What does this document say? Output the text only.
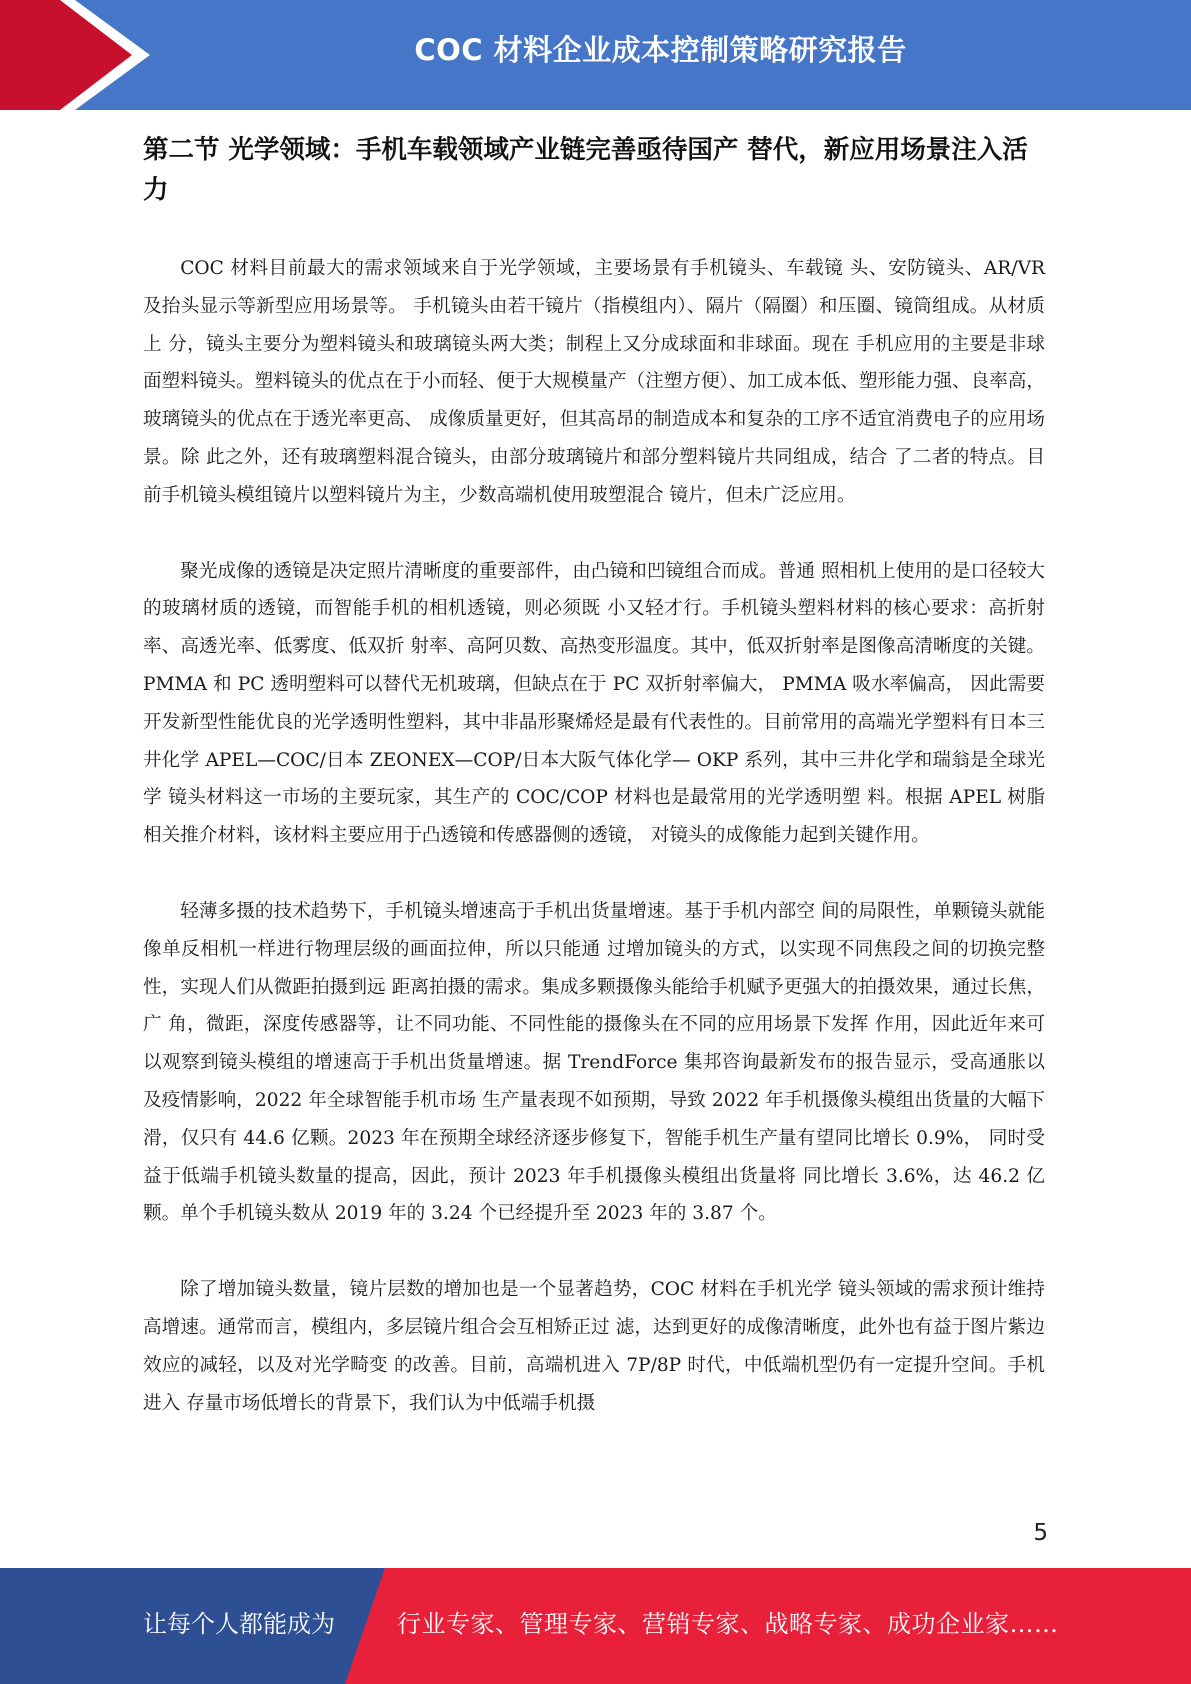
COC 材料企业成本控制策略研究报告
第二节 光学领域：手机车载领域产业链完善亟待国产 替代，新应用场景注入活力

COC 材料目前最大的需求领域来自于光学领域，主要场景有手机镜头、车载镜 头、安防镜头、AR/VR 及抬头显示等新型应用场景等。 手机镜头由若干镜片（指模组内）、隔片（隔圈）和压圈、镜筒组成。从材质上 分，镜头主要分为塑料镜头和玻璃镜头两大类；制程上又分成球面和非球面。现在 手机应用的主要是非球面塑料镜头。塑料镜头的优点在于小而轻、便于大规模量产（注塑方便）、加工成本低、塑形能力强、良率高，玻璃镜头的优点在于透光率更高、 成像质量更好，但其高昂的制造成本和复杂的工序不适宜消费电子的应用场景。除 此之外，还有玻璃塑料混合镜头，由部分玻璃镜片和部分塑料镜片共同组成，结合 了二者的特点。目前手机镜头模组镜片以塑料镜片为主，少数高端机使用玻塑混合 镜片，但未广泛应用。

聚光成像的透镜是决定照片清晰度的重要部件，由凸镜和凹镜组合而成。普通 照相机上使用的是口径较大的玻璃材质的透镜，而智能手机的相机透镜，则必须既 小又轻才行。手机镜头塑料材料的核心要求：高折射率、高透光率、低雾度、低双折 射率、高阿贝数、高热变形温度。其中，低双折射率是图像高清晰度的关键。 PMMA 和 PC 透明塑料可以替代无机玻璃，但缺点在于 PC 双折射率偏大， PMMA 吸水率偏高， 因此需要开发新型性能优良的光学透明性塑料，其中非晶形聚烯烃是最有代表性的。目前常用的高端光学塑料有日本三井化学 APEL—COC/日本 ZEONEX—COP/日本大阪气体化学— OKP 系列，其中三井化学和瑞翁是全球光学 镜头材料这一市场的主要玩家，其生产的 COC/COP 材料也是最常用的光学透明塑 料。根据 APEL 树脂相关推介材料，该材料主要应用于凸透镜和传感器侧的透镜， 对镜头的成像能力起到关键作用。

轻薄多摄的技术趋势下，手机镜头增速高于手机出货量增速。基于手机内部空 间的局限性，单颗镜头就能像单反相机一样进行物理层级的画面拉伸，所以只能通 过增加镜头的方式，以实现不同焦段之间的切换完整性，实现人们从微距拍摄到远 距离拍摄的需求。集成多颗摄像头能给手机赋予更强大的拍摄效果，通过长焦，广 角，微距，深度传感器等，让不同功能、不同性能的摄像头在不同的应用场景下发挥 作用，因此近年来可以观察到镜头模组的增速高于手机出货量增速。据 TrendForce 集邦咨询最新发布的报告显示，受高通胀以及疫情影响，2022 年全球智能手机市场 生产量表现不如预期，导致 2022 年手机摄像头模组出货量的大幅下滑，仅只有 44.6 亿颗。2023 年在预期全球经济逐步修复下，智能手机生产量有望同比增长 0.9%， 同时受益于低端手机镜头数量的提高，因此，预计 2023 年手机摄像头模组出货量将 同比增长 3.6%，达 46.2 亿颗。单个手机镜头数从 2019 年的 3.24 个已经提升至 2023 年的 3.87 个。

除了增加镜头数量，镜片层数的增加也是一个显著趋势，COC 材料在手机光学 镜头领域的需求预计维持高增速。通常而言，模组内，多层镜片组合会互相矫正过 滤，达到更好的成像清晰度，此外也有益于图片紫边效应的减轻，以及对光学畸变 的改善。目前，高端机进入 7P/8P 时代，中低端机型仍有一定提升空间。手机进入 存量市场低增长的背景下，我们认为中低端手机摄

5
让每个人都能成为	行业专家、管理专家、营销专家、战略专家、成功企业家……
